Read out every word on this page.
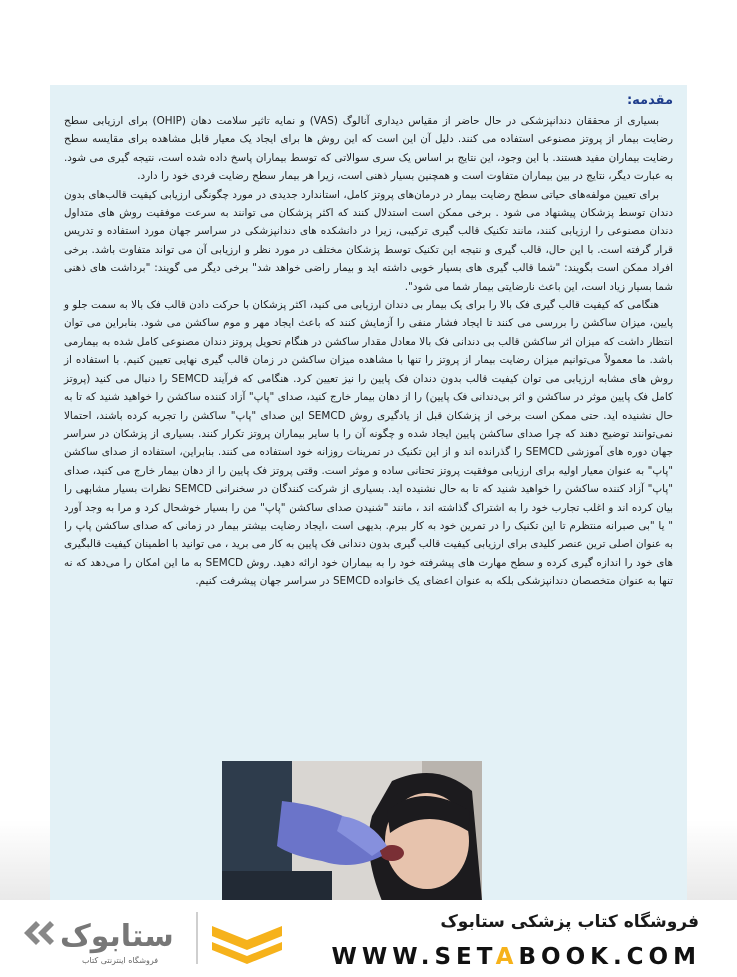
مقدمه:

بسیاری از محققان دندانپزشکی در حال حاضر از مقیاس دیداری آنالوگ (VAS) و نمایه تاثیر سلامت دهان (OHIP) برای ارزیابی سطح رضایت بیمار از پروتز مصنوعی استفاده می کنند. دلیل آن این است که این روش ها برای ایجاد یک معیار قابل مشاهده برای مقایسه سطح رضایت بیماران مفید هستند. با این وجود، این نتایج بر اساس یک سری سوالاتی که توسط بیماران پاسخ داده شده است، نتیجه گیری می شود. به عبارت دیگر، نتایج در بین بیماران متفاوت است و همچنین بسیار ذهنی است، زیرا هر بیمار سطح رضایت فردی خود را دارد.

برای تعیین مولفه‌های حیاتی سطح رضایت بیمار در درمان‌های پروتز کامل، استاندارد جدیدی در مورد چگونگی ارزیابی کیفیت قالب‌های بدون دندان توسط پزشکان پیشنهاد می شود . برخی ممکن است استدلال کنند که اکثر پزشکان می توانند به سرعت موفقیت روش های متداول دندان مصنوعی را ارزیابی کنند، مانند تکنیک قالب گیری ترکیبی، زیرا در دانشکده های دندانپزشکی در سراسر جهان مورد استفاده و تدریس قرار گرفته است. با این حال، قالب گیری و نتیجه این تکنیک توسط پزشکان مختلف در مورد نظر و ارزیابی آن می تواند متفاوت باشد. برخی افراد ممکن است بگویند: "شما قالب گیری های بسیار خوبی داشته اید و بیمار راضی خواهد شد" برخی دیگر می گویند: "برداشت های ذهنی شما بسیار زیاد است، این باعث نارضایتی بیمار شما می شود".

هنگامی که کیفیت قالب گیری فک بالا را برای یک بیمار بی دندان ارزیابی می کنید، اکثر پزشکان با حرکت دادن قالب فک بالا به سمت جلو و پایین، میزان ساکشن را بررسی می کنند تا ایجاد فشار منفی را آزمایش کنند که باعث ایجاد مهر و موم ساکشن می شود. بنابراین می توان انتظار داشت که میزان اثر ساکشن قالب بی دندانی فک بالا معادل مقدار ساکشن در هنگام تحویل پروتز دندان مصنوعی کامل شده به بیمارمی باشد. ما معمولاً می‌توانیم میزان رضایت بیمار از پروتز را تنها با مشاهده میزان ساکشن در زمان قالب گیری نهایی تعیین کنیم. با استفاده از روش های مشابه ارزیابی می توان کیفیت قالب بدون دندان فک پایین را نیز تعیین کرد. هنگامی که فرآیند SEMCD را دنبال می کنید (پروتز کامل فک پایین موثر در ساکشن و اثر بی‌دندانی فک پایین) را از دهان بیمار خارج کنید، صدای "پاپ" آزاد کننده ساکشن را خواهید شنید که تا به حال نشنیده اید. حتی ممکن است برخی از پزشکان قبل از یادگیری روش SEMCD این صدای "پاپ" ساکشن را تجربه کرده باشند، احتمالا نمی‌توانند توضیح دهند که چرا صدای ساکشن پایین ایجاد شده و چگونه آن را با سایر بیماران پروتز تکرار کنند. بسیاری از پزشکان در سراسر جهان دوره های آموزشی SEMCD را گذرانده اند و از این تکنیک در تمرینات روزانه خود استفاده می کنند. بنابراین، استفاده از صدای ساکشن "پاپ" به عنوان معیار اولیه برای ارزیابی موفقیت پروتز تحتانی ساده و موثر است. وقتی پروتز فک پایین را از دهان بیمار خارج می کنید، صدای "پاپ" آزاد کننده ساکشن را خواهید شنید که تا به حال نشنیده اید. بسیاری از شرکت کنندگان در سخنرانی SEMCD نظرات بسیار مشابهی را بیان کرده اند و اغلب تجارب خود را به اشتراک گذاشته اند ، مانند "شنیدن صدای ساکشن "پاپ" من را بسیار خوشحال کرد و مرا به وجد آورد " یا "بی صبرانه منتظرم تا این تکنیک را در تمرین خود به کار ببرم. بدیهی است ،ایجاد رضایت بیشتر بیمار در زمانی که صدای ساکشن پاپ را به عنوان اصلی ترین عنصر کلیدی برای ارزیابی کیفیت قالب گیری بدون دندانی فک پایین به کار می برید ، می توانید با اطمینان کیفیت قالبگیری های خود را اندازه گیری کرده و سطح مهارت های پیشرفته خود را به بیماران خود ارائه دهید. روش SEMCD به ما این امکان را می‌دهد که نه تنها به عنوان متخصصان دندانپزشکی بلکه به عنوان اعضای یک خانواده SEMCD در سراسر جهان پیشرفت کنیم.

ستابوک
فروشگاه اینترنتی کتاب
فروشگاه کتاب پزشکی ستابوک
WWW.SETABOOK.COM
